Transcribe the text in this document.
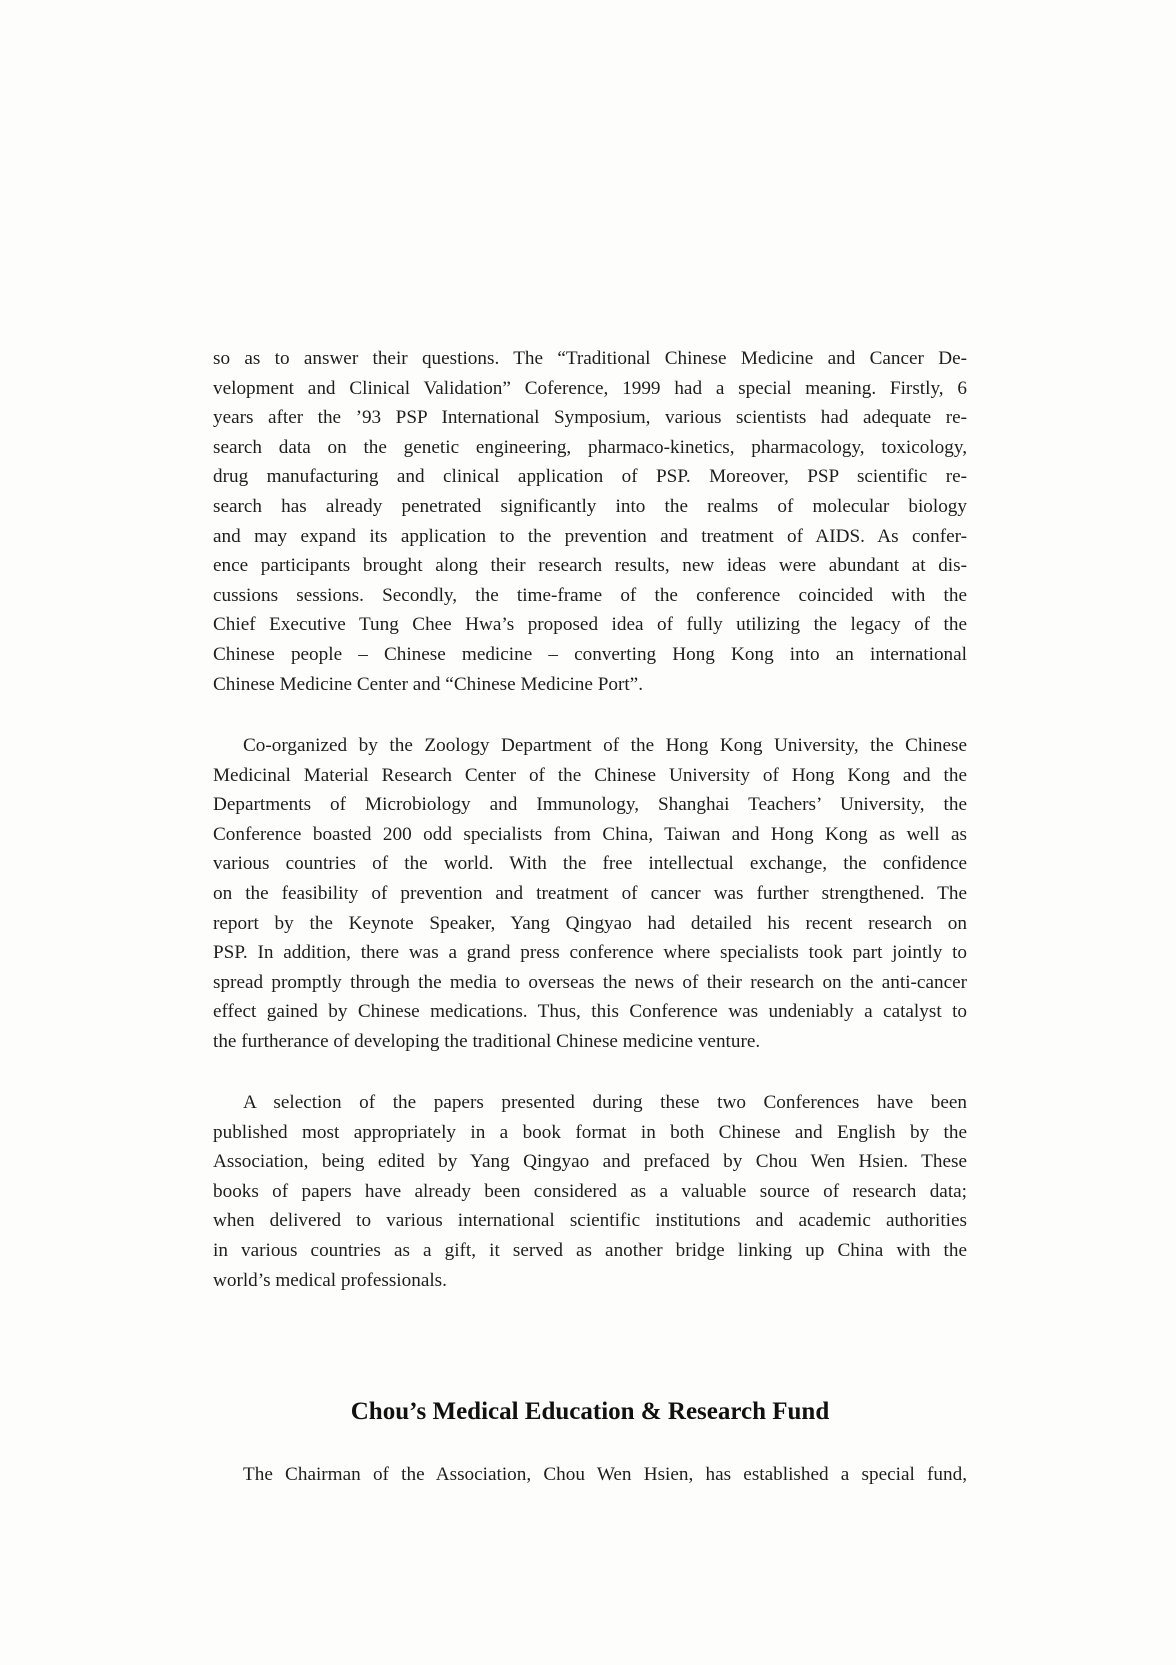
so as to answer their questions. The “Traditional Chinese Medicine and Cancer De-
velopment and Clinical Validation” Coference, 1999 had a special meaning. Firstly, 6
years after the ’93 PSP International Symposium, various scientists had adequate re-
search data on the genetic engineering, pharmaco-kinetics, pharmacology, toxicology,
drug manufacturing and clinical application of PSP. Moreover, PSP scientific re-
search has already penetrated significantly into the realms of molecular biology
and may expand its application to the prevention and treatment of AIDS. As confer-
ence participants brought along their research results, new ideas were abundant at dis-
cussions sessions. Secondly, the time-frame of the conference coincided with the
Chief Executive Tung Chee Hwa’s proposed idea of fully utilizing the legacy of the
Chinese people – Chinese medicine – converting Hong Kong into an international
Chinese Medicine Center and “Chinese Medicine Port”.
Co-organized by the Zoology Department of the Hong Kong University, the Chinese
Medicinal Material Research Center of the Chinese University of Hong Kong and the
Departments of Microbiology and Immunology, Shanghai Teachers’ University, the
Conference boasted 200 odd specialists from China, Taiwan and Hong Kong as well as
various countries of the world. With the free intellectual exchange, the confidence
on the feasibility of prevention and treatment of cancer was further strengthened. The
report by the Keynote Speaker, Yang Qingyao had detailed his recent research on
PSP. In addition, there was a grand press conference where specialists took part jointly to
spread promptly through the media to overseas the news of their research on the anti-cancer
effect gained by Chinese medications. Thus, this Conference was undeniably a catalyst to
the furtherance of developing the traditional Chinese medicine venture.
A selection of the papers presented during these two Conferences have been
published most appropriately in a book format in both Chinese and English by the
Association, being edited by Yang Qingyao and prefaced by Chou Wen Hsien. These
books of papers have already been considered as a valuable source of research data;
when delivered to various international scientific institutions and academic authorities
in various countries as a gift, it served as another bridge linking up China with the
world’s medical professionals.
Chou’s Medical Education & Research Fund
The Chairman of the Association, Chou Wen Hsien, has established a special fund,
